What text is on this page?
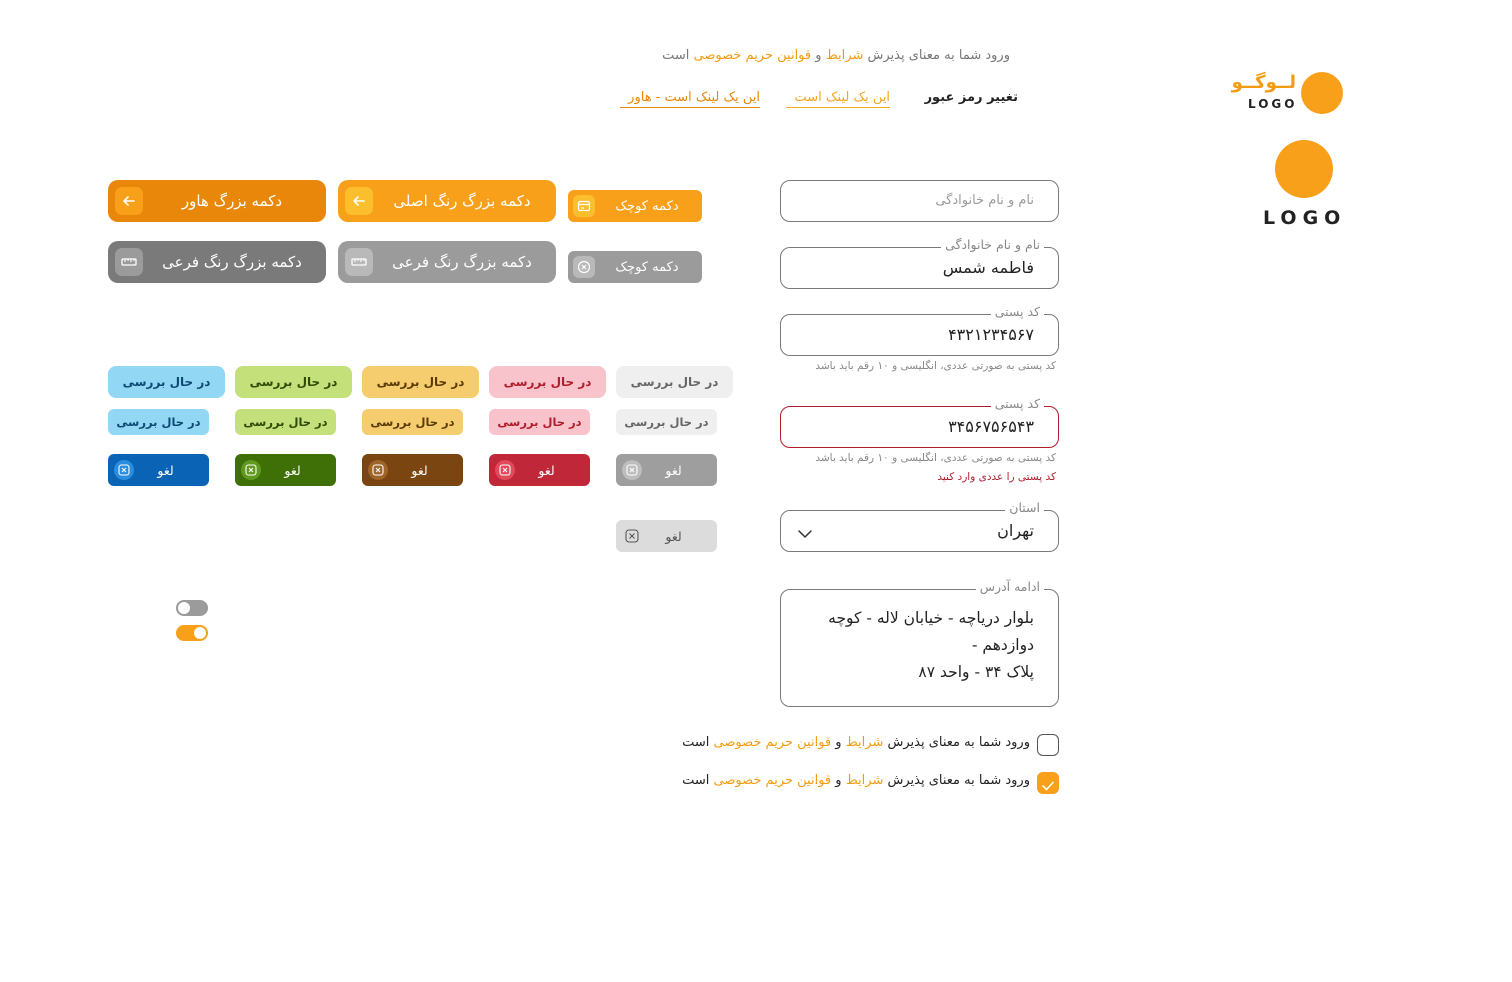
ورود شما به معنای پذیرش شرایط و قوانین حریم خصوصی است
تغییر رمز عبور
این یک لینک است
این یک لینک است - هاور
لــوگــو
LOGO
LOGO
دکمه بزرگ هاور	دکمه بزرگ رنگ اصلی	دکمه کوچک
دکمه بزرگ رنگ فرعی	دکمه بزرگ رنگ فرعی	دکمه کوچک
در حال بررسی	در حال بررسی	در حال بررسی	در حال بررسی	در حال بررسی
در حال بررسی	در حال بررسی	در حال بررسی	در حال بررسی	در حال بررسی
لغو	لغو	لغو	لغو	لغو
لغو
نام و نام خانوادگی
نام و نام خانوادگی
فاطمه شمس
کد پستی
۴۳۲۱۲۳۴۵۶۷
کد پستی به صورتی عددی، انگلیسی و ۱۰ رقم باید باشد
کد پستی
۳۴۵۶۷۵۶۵۴۳
کد پستی به صورتی عددی، انگلیسی و ۱۰ رقم باید باشد
کد پستی را عددی وارد کنید
استان
تهران
ادامه آدرس
بلوار دریاچه - خیابان لاله - کوچه
دوازدهم -
پلاک ۳۴ - واحد ۸۷
ورود شما به معنای پذیرش شرایط و قوانین حریم خصوصی است
ورود شما به معنای پذیرش شرایط و قوانین حریم خصوصی است
